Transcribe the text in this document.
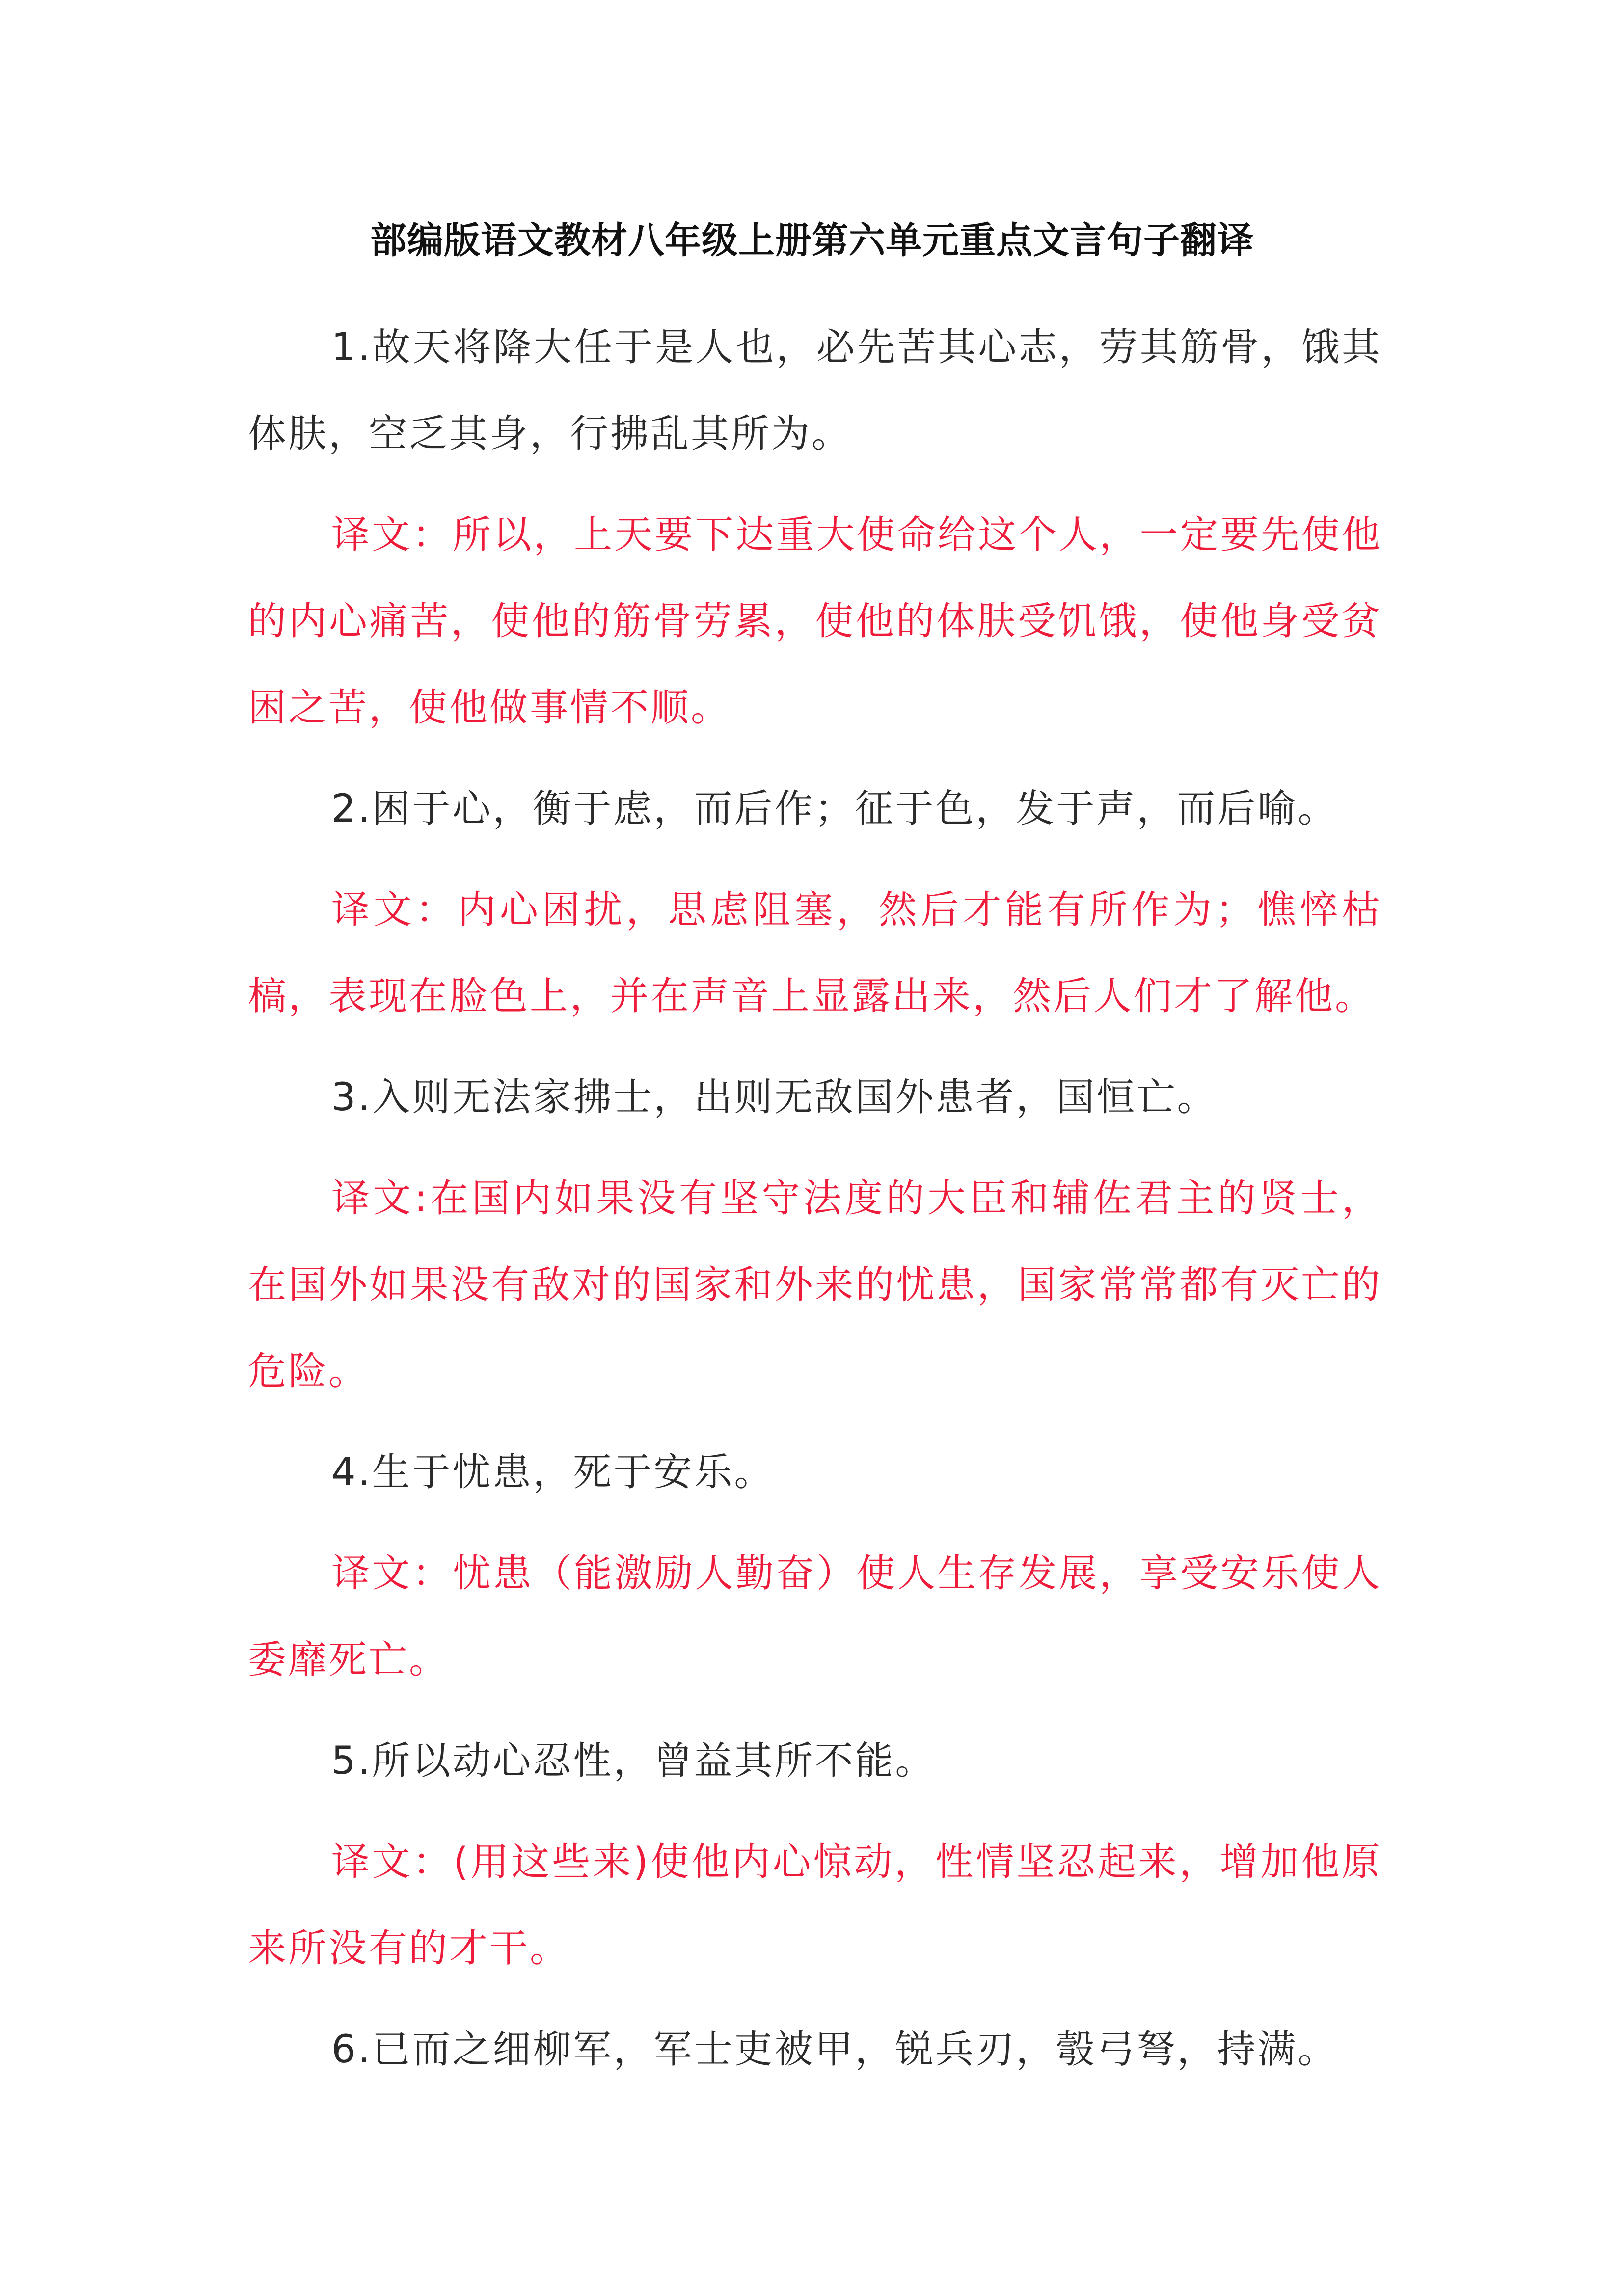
部编版语文教材八年级上册第六单元重点文言句子翻译

1.故天将降大任于是人也，必先苦其心志，劳其筋骨，饿其体肤，空乏其身，行拂乱其所为。

译文：所以，上天要下达重大使命给这个人，一定要先使他的内心痛苦，使他的筋骨劳累，使他的体肤受饥饿，使他身受贫困之苦，使他做事情不顺。

2.困于心，衡于虑，而后作；征于色，发于声，而后喻。

译文：内心困扰，思虑阻塞，然后才能有所作为；憔悴枯槁，表现在脸色上，并在声音上显露出来，然后人们才了解他。

3.入则无法家拂士，出则无敌国外患者，国恒亡。

译文:在国内如果没有坚守法度的大臣和辅佐君主的贤士，在国外如果没有敌对的国家和外来的忧患，国家常常都有灭亡的危险。

4.生于忧患，死于安乐。

译文：忧患（能激励人勤奋）使人生存发展，享受安乐使人委靡死亡。

5.所以动心忍性，曾益其所不能。

译文：(用这些来)使他内心惊动，性情坚忍起来，增加他原来所没有的才干。

6.已而之细柳军，军士吏被甲，锐兵刃，彀弓弩，持满。
